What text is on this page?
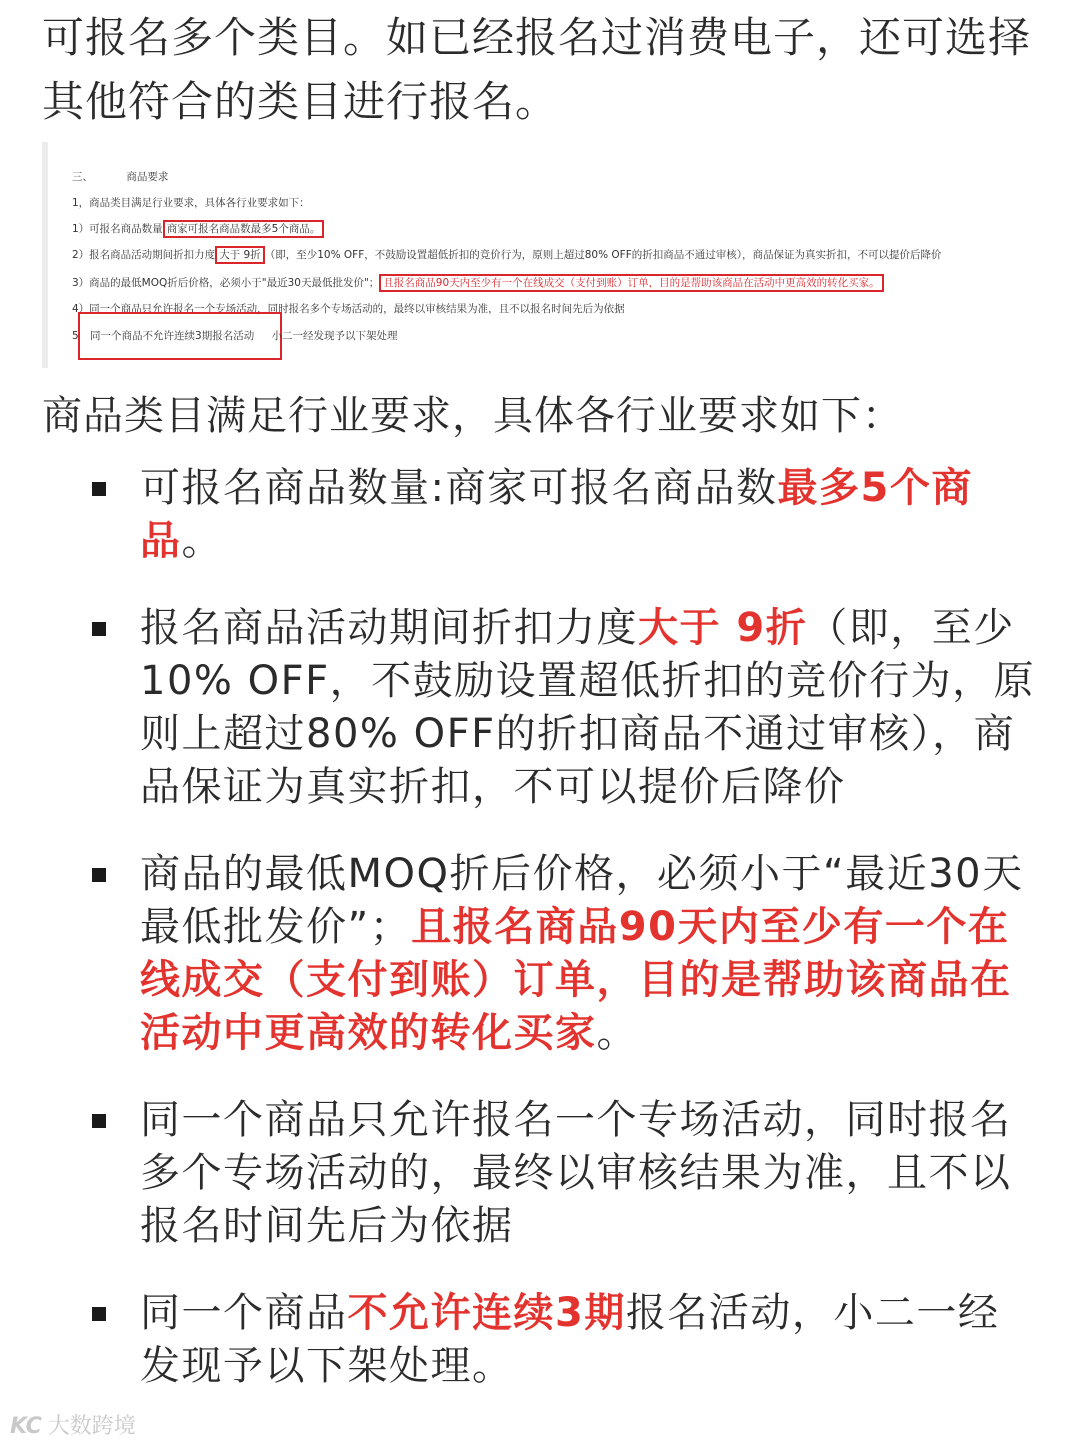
可报名多个类目。如已经报名过消费电子，还可选择其他符合的类目进行报名。

三、	商品要求
1，商品类目满足行业要求，具体各行业要求如下：
1）可报名商品数量 商家可报名商品数最多5个商品。
2）报名商品活动期间折扣力度 大于 9折 （即，至少10% OFF，不鼓励设置超低折扣的竞价行为，原则上超过80% OFF的折扣商品不通过审核），商品保证为真实折扣，不可以提价后降价
3）商品的最低MOQ折后价格，必须小于"最近30天最低批发价"； 且报名商品90天内至少有一个在线成交（支付到账）订单，目的是帮助该商品在活动中更高效的转化买家。
4）同一个商品只允许报名一个专场活动，同时报名多个专场活动的，最终以审核结果为准，且不以报名时间先后为依据
5 同一个商品不允许连续3期报名活动 小二一经发现予以下架处理

商品类目满足行业要求，具体各行业要求如下：

可报名商品数量:商家可报名商品数最多5个商品。
报名商品活动期间折扣力度大于 9折（即，至少10% OFF，不鼓励设置超低折扣的竞价行为，原则上超过80% OFF的折扣商品不通过审核），商品保证为真实折扣，不可以提价后降价
商品的最低MOQ折后价格，必须小于“最近30天最低批发价”；且报名商品90天内至少有一个在线成交（支付到账）订单，目的是帮助该商品在活动中更高效的转化买家。
同一个商品只允许报名一个专场活动，同时报名多个专场活动的，最终以审核结果为准，且不以报名时间先后为依据
同一个商品不允许连续3期报名活动，小二一经发现予以下架处理。
KC 大数跨境
